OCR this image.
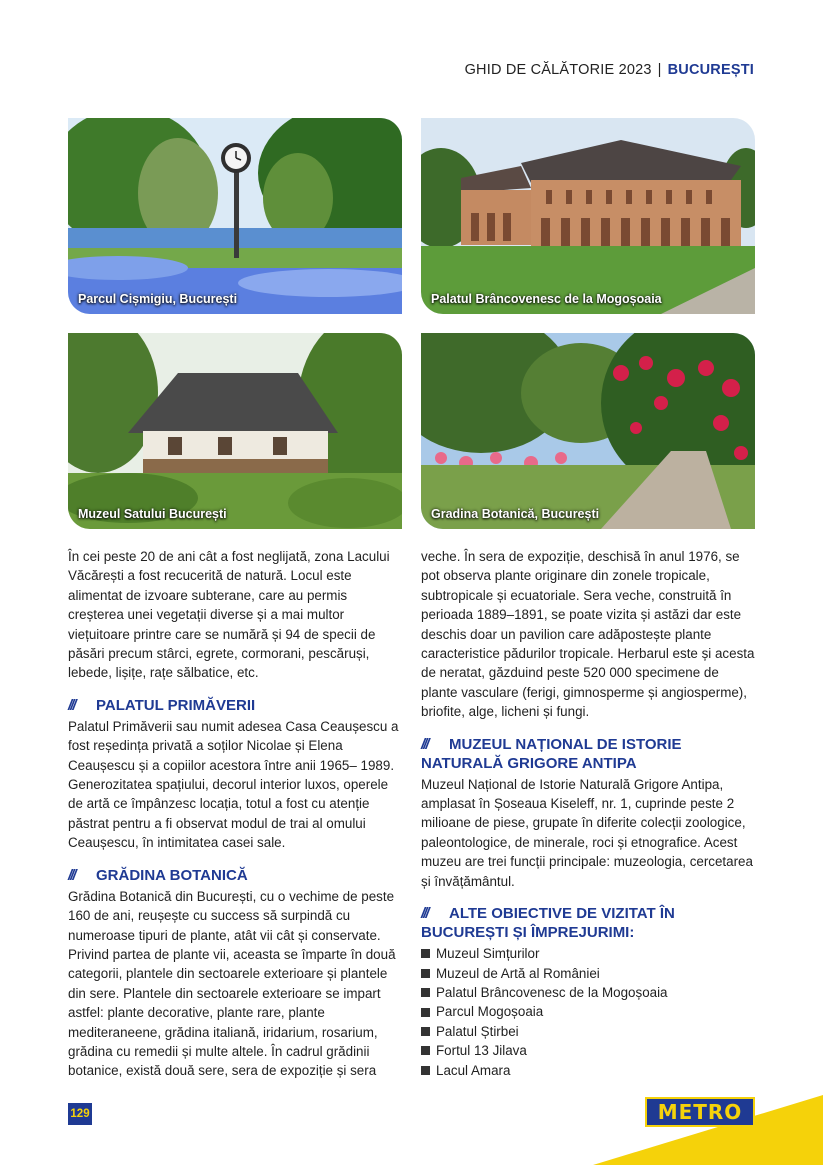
GHID DE CĂLĂTORIE 2023 | BUCUREȘTI
Parcul Cișmigiu, București	Palatul Brâncovenesc de la Mogoșoaia
Muzeul Satului București	Gradina Botanică, București

În cei peste 20 de ani cât a fost neglijată, zona Lacului Văcărești a fost recucerită de natură. Locul este alimentat de izvoare subterane, care au permis creșterea unei vegetații diverse și a mai multor viețuitoare printre care se numără și 94 de specii de păsări precum stârci, egrete, cormorani, pescăruși, lebede, lișițe, rațe sălbatice, etc.

/// PALATUL PRIMĂVERII

Palatul Primăverii sau numit adesea Casa Ceaușescu a fost reședința privată a soților Nicolae și Elena Ceaușescu și a copiilor acestora între anii 1965– 1989. Generozitatea spațiului, decorul interior luxos, operele de artă ce împânzesc locația, totul a fost cu atenție păstrat pentru a fi observat modul de trai al omului Ceaușescu, în intimitatea casei sale.

/// GRĂDINA BOTANICĂ

Grădina Botanică din București, cu o vechime de peste 160 de ani, reușește cu success să surpindă cu numeroase tipuri de plante, atât vii cât și conservate. Privind partea de plante vii, aceasta se împarte în două categorii, plantele din sectoarele exterioare și plantele din sere. Plantele din sectoarele exterioare se impart astfel: plante decorative, plante rare, plante mediteraneene, grădina italiană, iridarium, rosarium, grădina cu remedii și multe altele. În cadrul grădinii botanice, există două sere, sera de expoziție și sera

veche. În sera de expoziție, deschisă în anul 1976, se pot observa plante originare din zonele tropicale, subtropicale și ecuatoriale. Sera veche, construită în perioada 1889–1891, se poate vizita și astăzi dar este deschis doar un pavilion care adăpostește plante caracteristice pădurilor tropicale. Herbarul este și acesta de neratat, găzduind peste 520 000 specimene de plante vasculare (ferigi, gimnosperme și angiosperme), briofite, alge, licheni și fungi.

/// MUZEUL NAȚIONAL DE ISTORIE NATURALĂ GRIGORE ANTIPA

Muzeul Național de Istorie Naturală Grigore Antipa, amplasat în Șoseaua Kiseleff, nr. 1, cuprinde peste 2 milioane de piese, grupate în diferite colecții zoologice, paleontologice, de minerale, roci și etnografice. Acest muzeu are trei funcții principale: muzeologia, cercetarea și învățământul.

/// ALTE OBIECTIVE DE VIZITAT ÎN BUCUREȘTI ȘI ÎMPREJURIMI:
Muzeul Simțurilor
Muzeul de Artă al României
Palatul Brâncovenesc de la Mogoșoaia
Parcul Mogoșoaia
Palatul Știrbei
Fortul 13 Jilava
Lacul Amara
129	METRO
